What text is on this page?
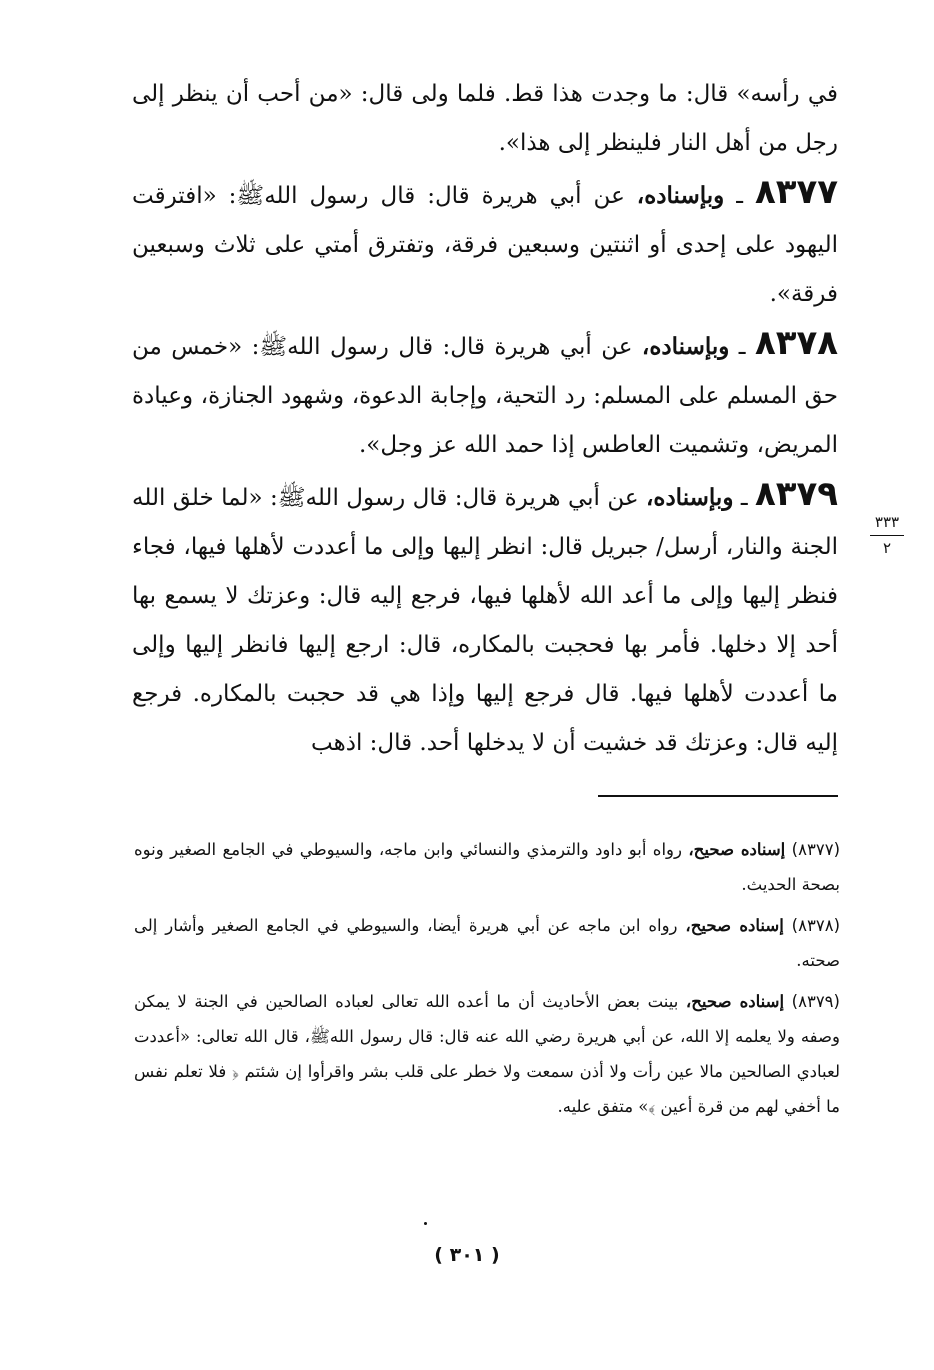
في رأسه» قال: ما وجدت هذا قط. فلما ولى قال: «من أحب أن ينظر إلى رجل من أهل النار فلينظر إلى هذا».

٨٣٧٧ ـ وبإسناده، عن أبي هريرة قال: قال رسول اللهﷺ: «افترقت اليهود على إحدى أو اثنتين وسبعين فرقة، وتفترق أمتي على ثلاث وسبعين فرقة».

٨٣٧٨ ـ وبإسناده، عن أبي هريرة قال: قال رسول اللهﷺ: «خمس من حق المسلم على المسلم: رد التحية، وإجابة الدعوة، وشهود الجنازة، وعيادة المريض، وتشميت العاطس إذا حمد الله عز وجل».

٨٣٧٩ ـ وبإسناده، عن أبي هريرة قال: قال رسول اللهﷺ: «لما خلق الله الجنة والنار، أرسل/ جبريل قال: انظر إليها وإلى ما أعددت لأهلها فيها، فجاء فنظر إليها وإلى ما أعد الله لأهلها فيها، فرجع إليه قال: وعزتك لا يسمع بها أحد إلا دخلها. فأمر بها فحجبت بالمكاره، قال: ارجع إليها فانظر إليها وإلى ما أعددت لأهلها فيها. قال فرجع إليها وإذا هي قد حجبت بالمكاره. فرجع إليه قال: وعزتك قد خشيت أن لا يدخلها أحد. قال: اذهب

٣٣٣
٢

(٨٣٧٧) إسناده صحيح، رواه أبو داود والترمذي والنسائي وابن ماجه، والسيوطي في الجامع الصغير ونوه بصحة الحديث.

(٨٣٧٨) إسناده صحيح، رواه ابن ماجه عن أبي هريرة أيضا، والسيوطي في الجامع الصغير وأشار إلى صحته.

(٨٣٧٩) إسناده صحيح، بينت بعض الأحاديث أن ما أعده الله تعالى لعباده الصالحين في الجنة لا يمكن وصفه ولا يعلمه إلا الله، عن أبي هريرة رضي الله عنه قال: قال رسول اللهﷺ، قال الله تعالى: «أعددت لعبادي الصالحين مالا عين رأت ولا أذن سمعت ولا خطر على قلب بشر واقرأوا إن شئتم ﴿ فلا تعلم نفس ما أخفي لهم من قرة أعين ﴾» متفق عليه.

( ٣٠١ )
